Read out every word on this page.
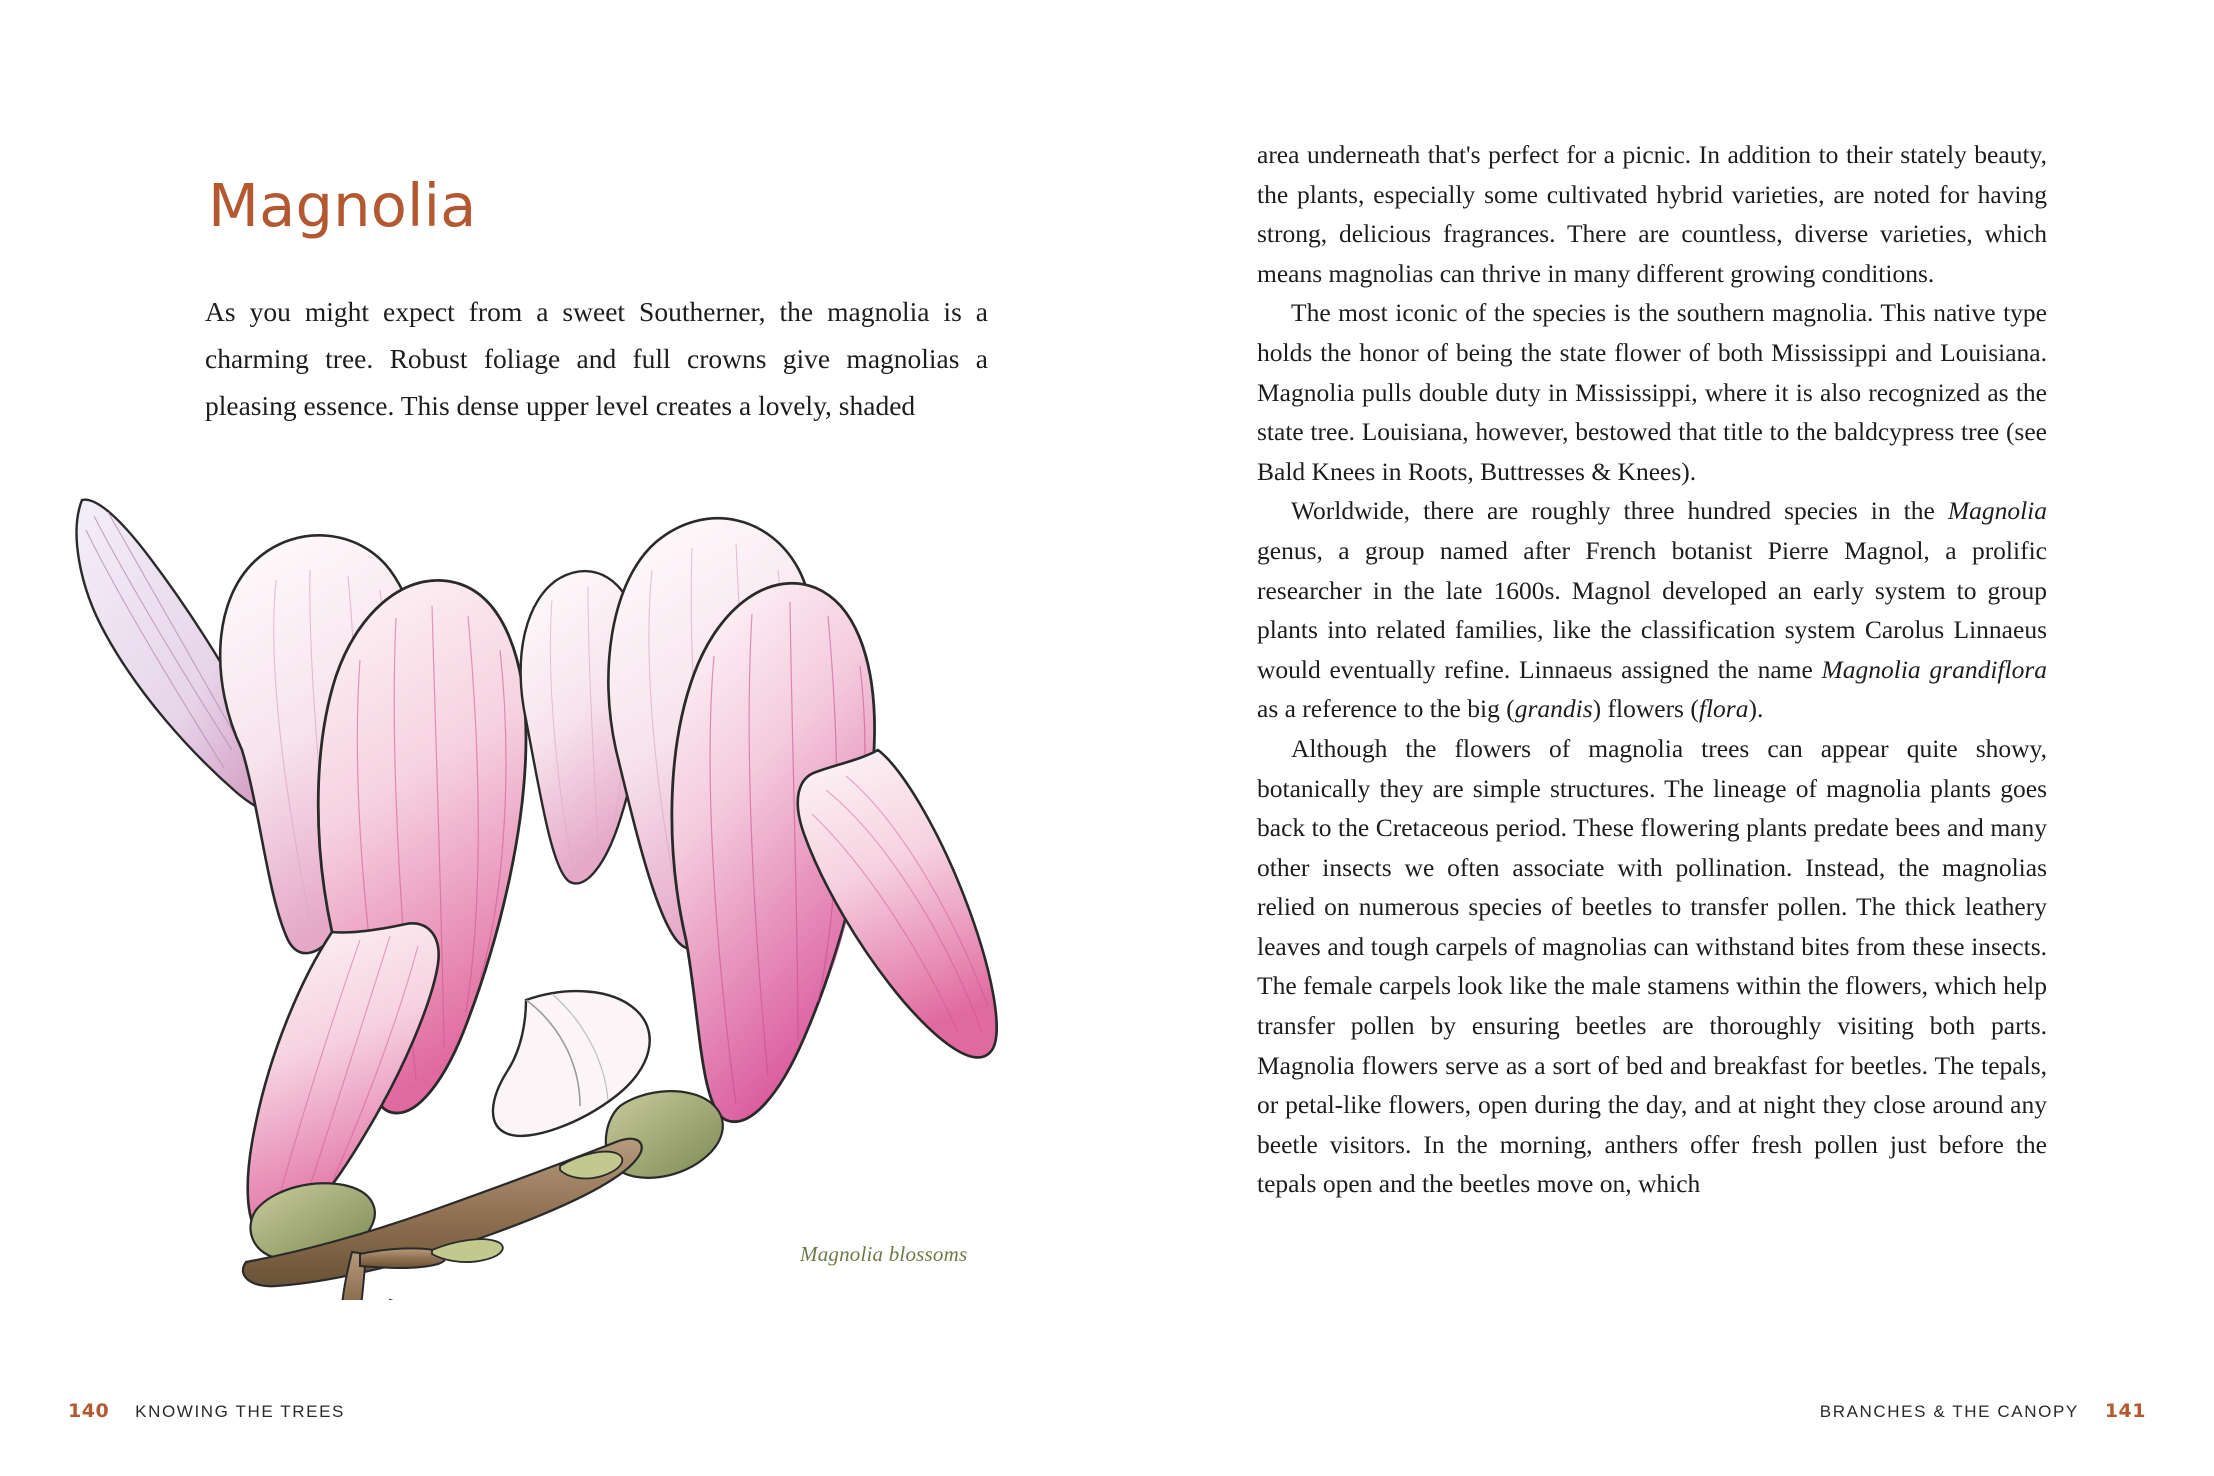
Magnolia
As you might expect from a sweet Southerner, the magnolia is a charming tree. Robust foliage and full crowns give magnolias a pleasing essence. This dense upper level creates a lovely, shaded
Magnolia blossoms
140 KNOWING THE TREES

area underneath that's perfect for a picnic. In addition to their stately beauty, the plants, especially some cultivated hybrid varieties, are noted for having strong, delicious fragrances. There are countless, diverse varieties, which means magnolias can thrive in many different growing conditions.

The most iconic of the species is the southern magnolia. This native type holds the honor of being the state flower of both Mississippi and Louisiana. Magnolia pulls double duty in Mississippi, where it is also recognized as the state tree. Louisiana, however, bestowed that title to the baldcypress tree (see Bald Knees in Roots, Buttresses & Knees).

Worldwide, there are roughly three hundred species in the Magnolia genus, a group named after French botanist Pierre Magnol, a prolific researcher in the late 1600s. Magnol developed an early system to group plants into related families, like the classification system Carolus Linnaeus would eventually refine. Linnaeus assigned the name Magnolia grandiflora as a reference to the big (grandis) flowers (flora).

Although the flowers of magnolia trees can appear quite showy, botanically they are simple structures. The lineage of magnolia plants goes back to the Cretaceous period. These flowering plants predate bees and many other insects we often associate with pollination. Instead, the magnolias relied on numerous species of beetles to transfer pollen. The thick leathery leaves and tough carpels of magnolias can withstand bites from these insects. The female carpels look like the male stamens within the flowers, which help transfer pollen by ensuring beetles are thoroughly visiting both parts. Magnolia flowers serve as a sort of bed and breakfast for beetles. The tepals, or petal-like flowers, open during the day, and at night they close around any beetle visitors. In the morning, anthers offer fresh pollen just before the tepals open and the beetles move on, which

BRANCHES & THE CANOPY 141
